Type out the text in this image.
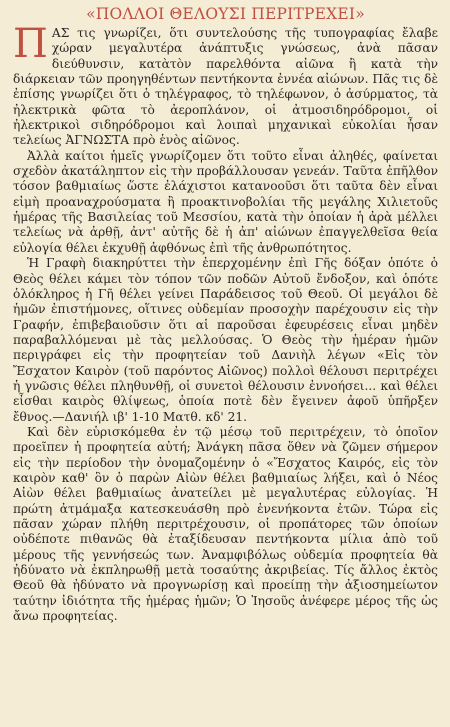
«ΠΟΛΛΟΙ ΘΕΛΟΥΣΙ ΠΕΡΙΤΡΕΧΕΙ»

ΠΑΣ τις γνωρίζει, ὅτι συντελούσης τῆς τυπογραφίας ἔλαβε χώραν μεγαλυτέρα ἀνάπτυξις γνώσεως, ἀνὰ πᾶσαν διεύθυνσιν, κατὰτὸν παρελθόντα αἰῶνα ἢ κατὰ τὴν διάρκειαν τῶν προηγηθέντων πεντήκοντα ἐννέα αἰώνων. Πᾶς τις δὲ ἐπίσης γνωρίζει ὅτι ὁ τηλέγραφος, τὸ τηλέφωνον, ὁ ἀσύρματος, τὰ ἠλεκτρικὰ φῶτα τὸ ἀεροπλάνον, οἱ ἀτμοσιδηρόδρομοι, οἱ ἠλεκτρικοὶ σιδηρόδρομοι καὶ λοιπαὶ μηχανικαὶ εὐκολίαι ἦσαν τελείως ἈΓΝΩΣΤΑ πρὸ ἑνὸς αἰῶνος.

Ἀλλὰ καίτοι ἡμεῖς γνωρίζομεν ὅτι τοῦτο εἶναι ἀληθές, φαίνεται σχεδὸν ἀκατάληπτον εἰς τὴν προβάλλουσαν γενεάν. Ταῦτα ἐπῆλθον τόσον βαθμιαίως ὥστε ἐλάχιστοι κατανοοῦσι ὅτι ταῦτα δὲν εἶναι εἰμὴ προαναχρούσματα ἢ προακτινοβολίαι τῆς μεγάλης Χιλιετοῦς ἡμέρας τῆς Βασιλείας τοῦ Μεσσίου, κατὰ τὴν ὁποίαν ἡ ἀρὰ μέλλει τελείως νὰ ἀρθῇ, ἀντ' αὐτῆς δὲ ἡ ἀπ' αἰώνων ἐπαγγελθεῖσα θεία εὐλογία θέλει ἐκχυθῇ ἀφθόνως ἐπὶ τῆς ἀνθρωπότητος.

Ἡ Γραφὴ διακηρύττει τὴν ἐπερχομένην ἐπὶ Γῆς δόξαν ὁπότε ὁ Θεὸς θέλει κάμει τὸν τόπον τῶν ποδῶν Αὐτοῦ ἔνδοξον, καὶ ὁπότε ὁλόκληρος ἡ Γῆ θέλει γείνει Παράδεισος τοῦ Θεοῦ. Οἱ μεγάλοι δὲ ἡμῶν ἐπιστήμονες, οἵτινες οὐδεμίαν προσοχὴν παρέχουσιν εἰς τὴν Γραφήν, ἐπιβεβαιοῦσιν ὅτι αἱ παροῦσαι ἐφευρέσεις εἶναι μηδὲν παραβαλλόμεναι μὲ τὰς μελλούσας. Ὁ Θεὸς τὴν ἡμέραν ἡμῶν περιγράφει εἰς τὴν προφητείαν τοῦ Δανιὴλ λέγων «Εἰς τὸν Ἔσχατον Καιρὸν (τοῦ παρόντος Αἰῶνος) πολλοὶ θέλουσι περιτρέχει ἡ γνῶσις θέλει πληθυνθῇ, οἱ συνετοὶ θέλουσιν ἐννοήσει... καὶ θέλει εἶσθαι καιρὸς θλίψεως, ὁποία ποτὲ δὲν ἔγεινεν ἀφοῦ ὑπῆρξεν ἔθνος.—Δανιήλ ιβ' 1-10 Ματθ. κδ' 21.

Καὶ δὲν εὑρισκόμεθα ἐν τῷ μέσῳ τοῦ περιτρέχειν, τὸ ὁποῖον προεῖπεν ἡ προφητεία αὐτή; Ἀνάγκη πᾶσα ὅθεν νὰ ζῶμεν σήμερον εἰς τὴν περίοδον τὴν ὀνομαζομένην ὁ «Ἔσχατος Καιρός, εἰς τὸν καιρὸν καθ' ὃν ὁ παρὼν Αἰὼν θέλει βαθμιαίως λήξει, καὶ ὁ Νέος Αἰὼν θέλει βαθμιαίως ἀνατείλει μὲ μεγαλυτέρας εὐλογίας. Ἡ πρώτη ἀτμάμαξα κατεσκευάσθη πρὸ ἐνενήκοντα ἐτῶν. Τώρα εἰς πᾶσαν χώραν πλήθη περιτρέχουσιν, οἱ προπάτορες τῶν ὁποίων οὐδέποτε πιθανῶς θὰ ἐταξίδευσαν πεντήκοντα μίλια ἀπὸ τοῦ μέρους τῆς γεννήσεώς των. Ἀναμφιβόλως οὐδεμία προφητεία θὰ ἠδύνατο νὰ ἐκπληρωθῇ μετὰ τοσαύτης ἀκριβείας. Τίς ἄλλος ἐκτὸς Θεοῦ θὰ ἠδύνατο νὰ προγνωρίσῃ καὶ προείπῃ τὴν ἀξιοσημείωτον ταύτην ἰδιότητα τῆς ἡμέρας ἡμῶν; Ὁ Ἰησοῦς ἀνέφερε μέρος τῆς ὡς ἄνω προφητείας.
